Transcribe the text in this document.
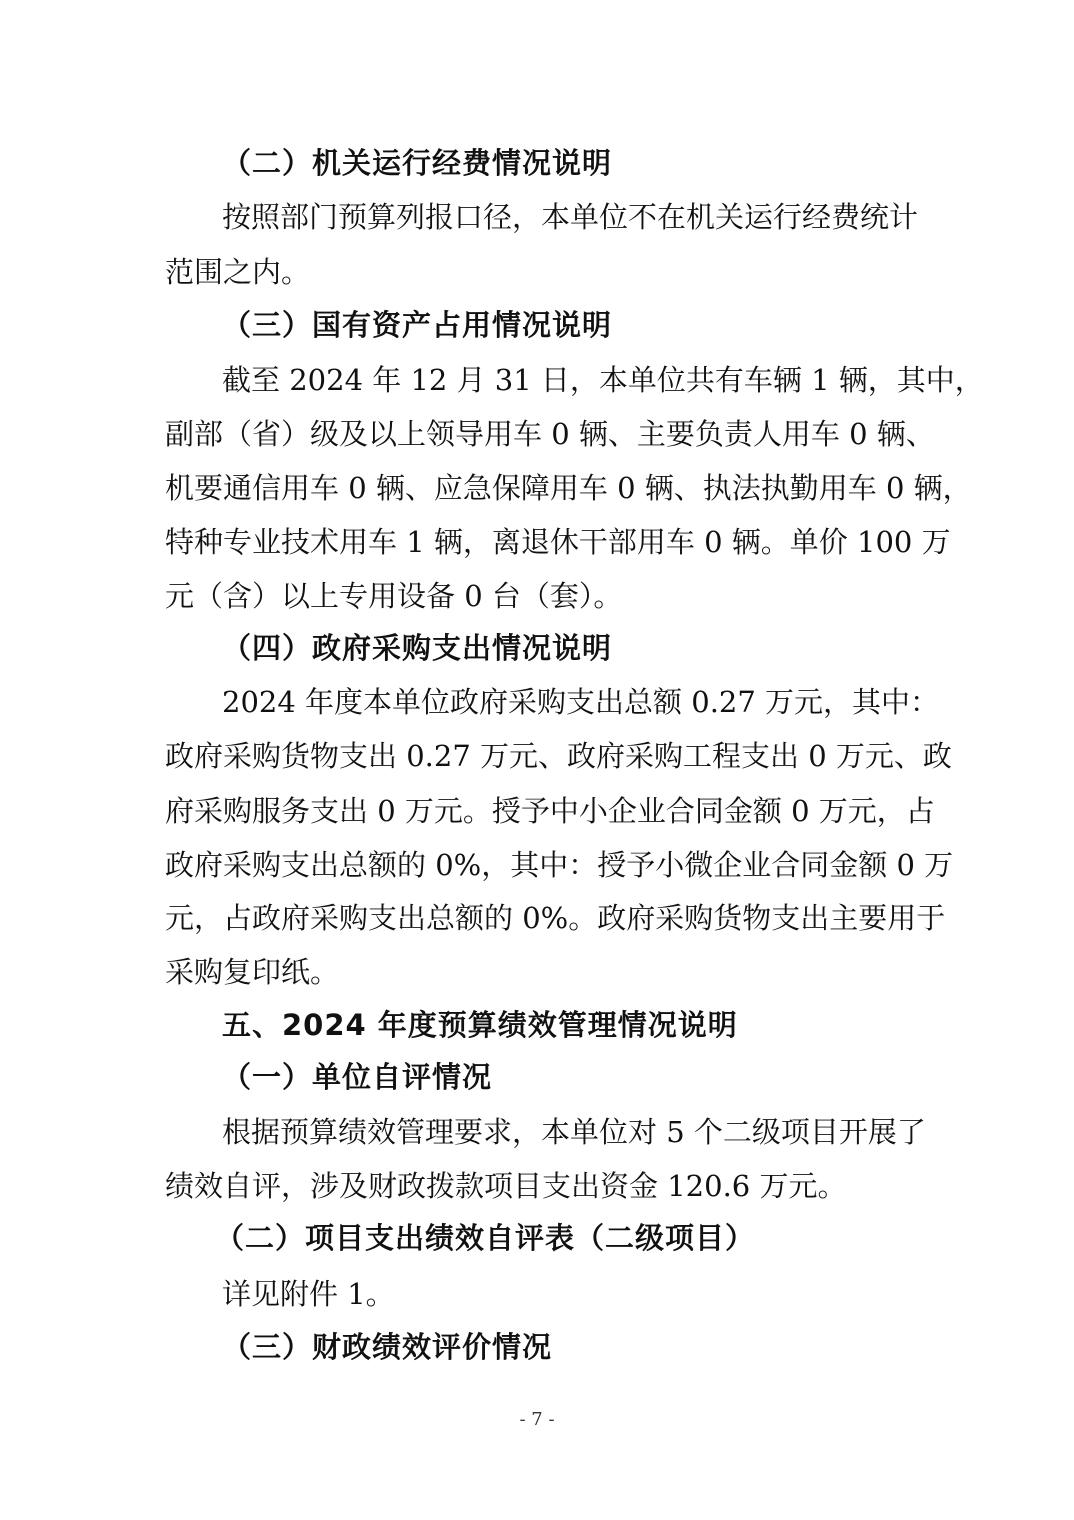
（二）机关运行经费情况说明
按照部门预算列报口径，本单位不在机关运行经费统计
范围之内。
（三）国有资产占用情况说明
截至 2024 年 12 月 31 日，本单位共有车辆 1 辆，其中，
副部（省）级及以上领导用车 0 辆、主要负责人用车 0 辆、
机要通信用车 0 辆、应急保障用车 0 辆、执法执勤用车 0 辆，
特种专业技术用车 1 辆，离退休干部用车 0 辆。单价 100 万
元（含）以上专用设备 0 台（套）。
（四）政府采购支出情况说明
2024 年度本单位政府采购支出总额 0.27 万元，其中：
政府采购货物支出 0.27 万元、政府采购工程支出 0 万元、政
府采购服务支出 0 万元。授予中小企业合同金额 0 万元，占
政府采购支出总额的 0%，其中：授予小微企业合同金额 0 万
元，占政府采购支出总额的 0%。政府采购货物支出主要用于
采购复印纸。
五、2024 年度预算绩效管理情况说明
（一）单位自评情况
根据预算绩效管理要求，本单位对 5 个二级项目开展了
绩效自评，涉及财政拨款项目支出资金 120.6 万元。
（二）项目支出绩效自评表（二级项目）
详见附件 1。
（三）财政绩效评价情况
- 7 -
